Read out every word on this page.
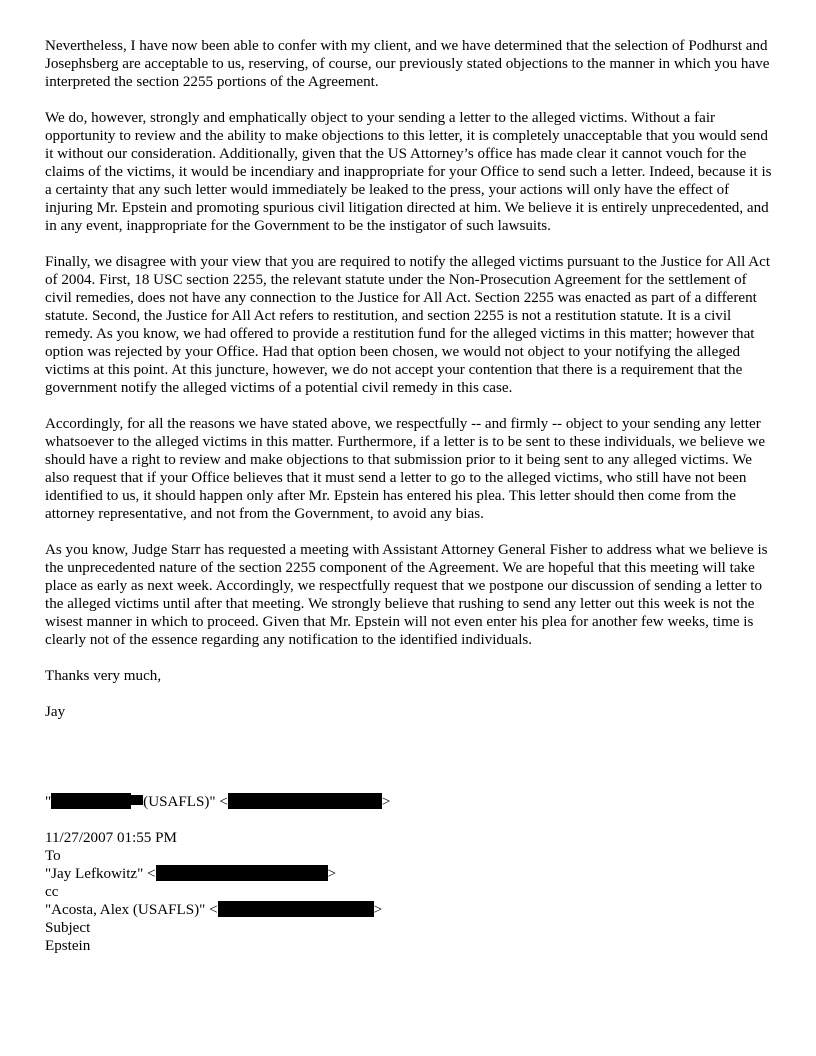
Nevertheless, I have now been able to confer with my client, and we have determined that the selection of Podhurst and Josephsberg are acceptable to us, reserving, of course, our previously stated objections to the manner in which you have interpreted the section 2255 portions of the Agreement.

We do, however, strongly and emphatically object to your sending a letter to the alleged victims. Without a fair opportunity to review and the ability to make objections to this letter, it is completely unacceptable that you would send it without our consideration. Additionally, given that the US Attorney’s office has made clear it cannot vouch for the claims of the victims, it would be incendiary and inappropriate for your Office to send such a letter. Indeed, because it is a certainty that any such letter would immediately be leaked to the press, your actions will only have the effect of injuring Mr. Epstein and promoting spurious civil litigation directed at him. We believe it is entirely unprecedented, and in any event, inappropriate for the Government to be the instigator of such lawsuits.

Finally, we disagree with your view that you are required to notify the alleged victims pursuant to the Justice for All Act of 2004. First, 18 USC section 2255, the relevant statute under the Non-Prosecution Agreement for the settlement of civil remedies, does not have any connection to the Justice for All Act. Section 2255 was enacted as part of a different statute. Second, the Justice for All Act refers to restitution, and section 2255 is not a restitution statute. It is a civil remedy. As you know, we had offered to provide a restitution fund for the alleged victims in this matter; however that option was rejected by your Office. Had that option been chosen, we would not object to your notifying the alleged victims at this point. At this juncture, however, we do not accept your contention that there is a requirement that the government notify the alleged victims of a potential civil remedy in this case.

Accordingly, for all the reasons we have stated above, we respectfully -- and firmly -- object to your sending any letter whatsoever to the alleged victims in this matter. Furthermore, if a letter is to be sent to these individuals, we believe we should have a right to review and make objections to that submission prior to it being sent to any alleged victims. We also request that if your Office believes that it must send a letter to go to the alleged victims, who still have not been identified to us, it should happen only after Mr. Epstein has entered his plea. This letter should then come from the attorney representative, and not from the Government, to avoid any bias.

As you know, Judge Starr has requested a meeting with Assistant Attorney General Fisher to address what we believe is the unprecedented nature of the section 2255 component of the Agreement. We are hopeful that this meeting will take place as early as next week. Accordingly, we respectfully request that we postpone our discussion of sending a letter to the alleged victims until after that meeting. We strongly believe that rushing to send any letter out this week is not the wisest manner in which to proceed. Given that Mr. Epstein will not even enter his plea for another few weeks, time is clearly not of the essence regarding any notification to the identified individuals.

Thanks very much,

Jay

"	(USAFLS)" <	>

11/27/2007 01:55 PM

To

"Jay Lefkowitz" <	>

cc

"Acosta, Alex (USAFLS)" <	>

Subject

Epstein
